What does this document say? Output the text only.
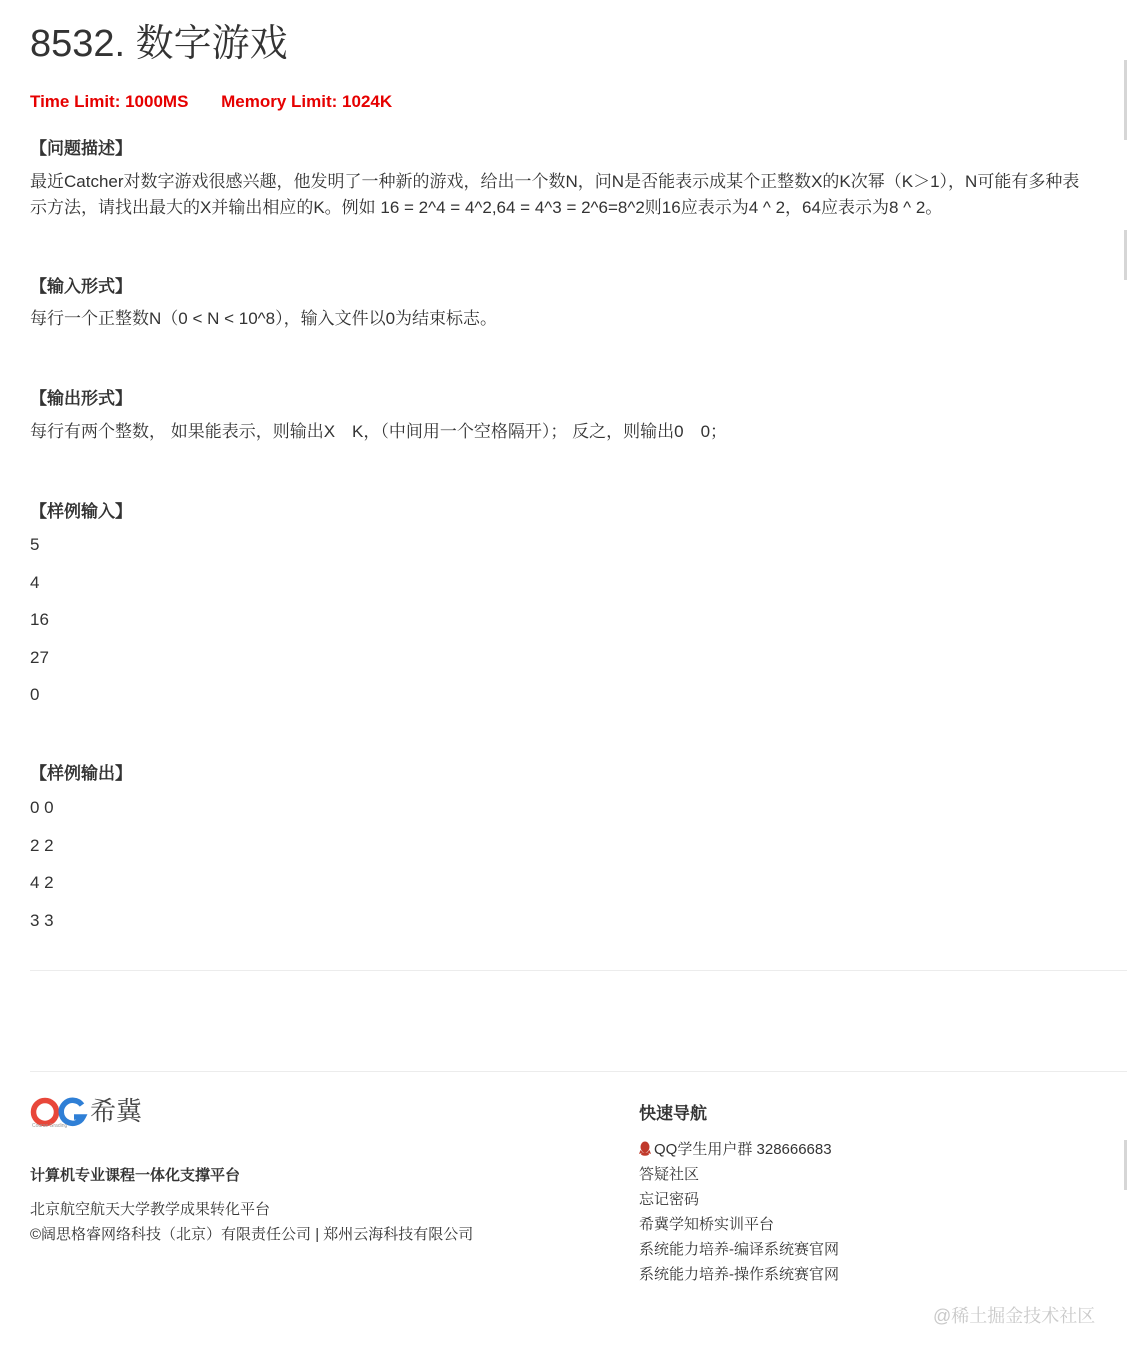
8532. 数字游戏
Time Limit: 1000MS Memory Limit: 1024K
【问题描述】
最近Catcher对数字游戏很感兴趣，他发明了一种新的游戏，给出一个数N，问N是否能表示成某个正整数X的K次幂（K＞1），N可能有多种表示方法，请找出最大的X并输出相应的K。例如 16 = 2^4 = 4^2,64 = 4^3 = 2^6=8^2则16应表示为4 ^ 2，64应表示为8 ^ 2。
【输入形式】
每行一个正整数N（0 < N < 10^8），输入文件以0为结束标志。
【输出形式】
每行有两个整数， 如果能表示，则输出X　K，（中间用一个空格隔开）； 反之，则输出0　0；
【样例输入】
5
4
16
27
0
【样例输出】
0 0
2 2
4 2
3 3
希冀
Course Grading
计算机专业课程一体化支撑平台
北京航空航天大学教学成果转化平台
©阔思格睿网络科技（北京）有限责任公司 | 郑州云海科技有限公司
快速导航
QQ学生用户群 328666683
答疑社区
忘记密码
希冀学知桥实训平台
系统能力培养-编译系统赛官网
系统能力培养-操作系统赛官网
@稀土掘金技术社区
